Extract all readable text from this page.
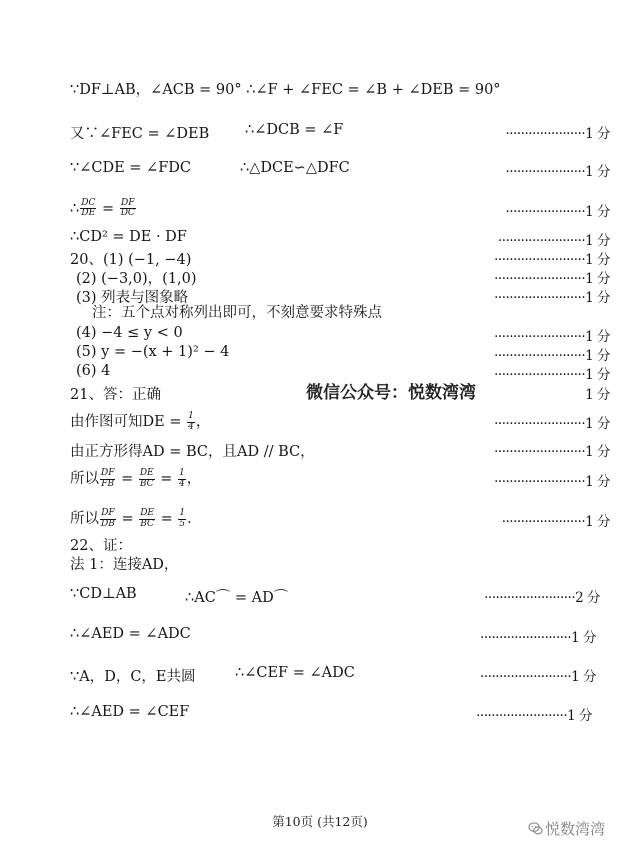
∵DF⊥AB，∠ACB = 90° ∴∠F + ∠FEC = ∠B + ∠DEB = 90°
又∵∠FEC = ∠DEB ∴∠DCB = ∠F	·····················1 分
∵∠CDE = ∠FDC	∴△DCE∽△DFC	·····················1 分
∴ $\frac{DC}{DE} = \frac{DF}{DC}$	·····················1 分
∴CD² = DE · DF	·······················1 分
20、(1) (−1, −4)	························1 分
(2) (−3,0)，(1,0)	························1 分
(3) 列表与图象略	························1 分
注：五个点对称列出即可，不刻意要求特殊点
(4) −4 ≤ y < 0	························1 分
(5) y = −(x + 1)² − 4	························1 分
(6) 4	························1 分
微信公众号：悦数湾湾
21、答：正确	1 分
由作图可知DE = $\frac{1}{4}$ ，	························1 分
由正方形得AD = BC，且AD // BC，	························1 分
所以 $\frac{DF}{FB} = \frac{DE}{BC} = \frac{1}{4}$ ，	························1 分
所以 $\frac{DF}{DB} = \frac{DE}{BC} = \frac{1}{5}$ ．	······················1 分
22、证：
法 1：连接AD，
∵CD⊥AB	∴AC⌒ = AD⌒	························2 分
∴∠AED = ∠ADC	························1 分
∵A，D，C，E共圆	∴∠CEF = ∠ADC	························1 分
∴∠AED = ∠CEF	························1 分
第10页 (共12页)	悦数湾湾
